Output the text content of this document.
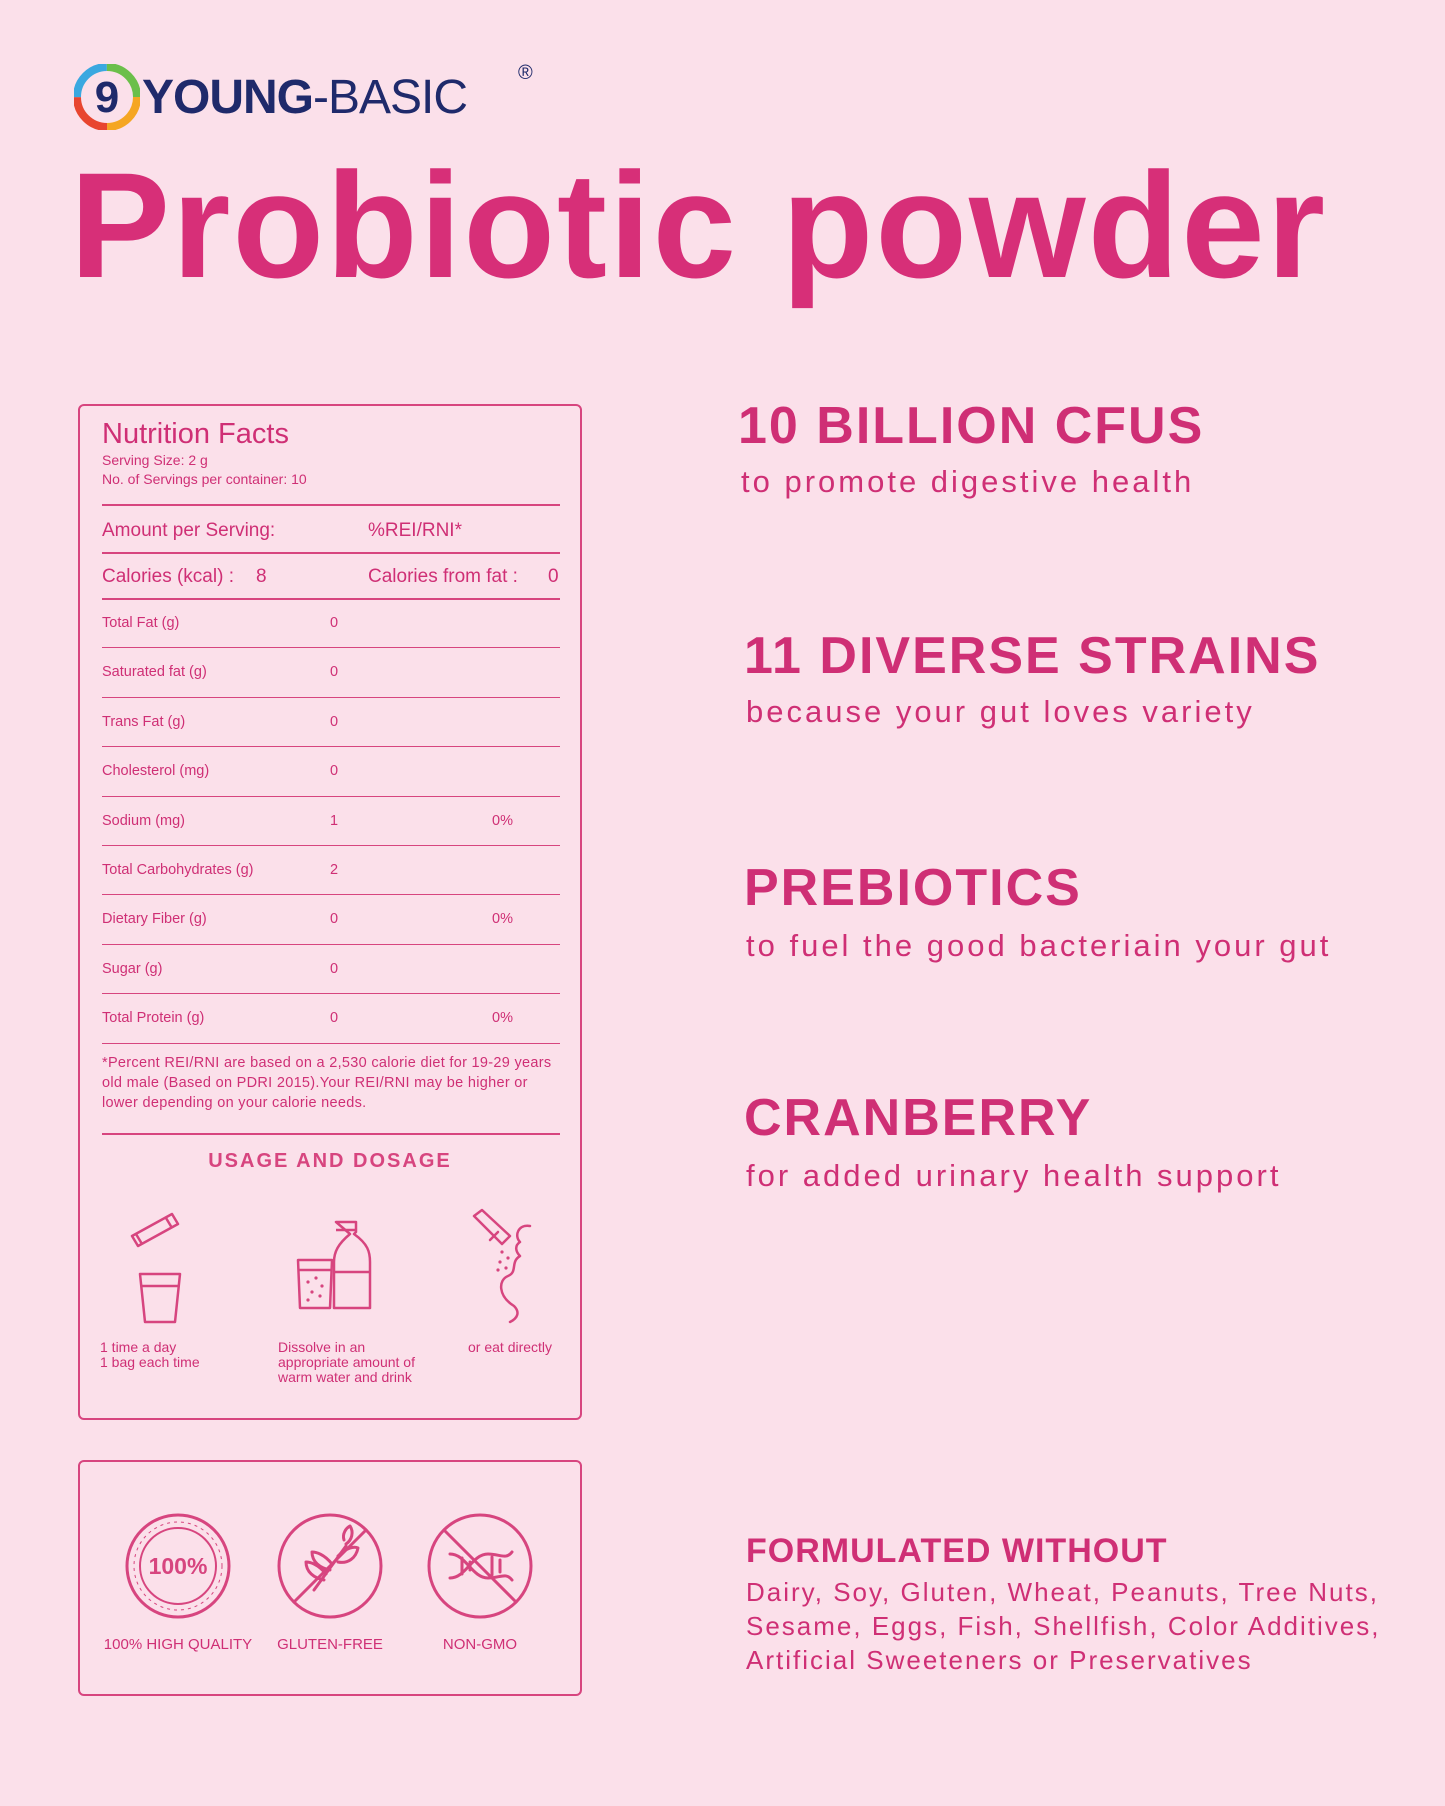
9 YOUNG-BASIC	®
Probiotic powder
Nutrition Facts
Serving Size: 2 g
No. of Servings per container: 10
Amount per Serving:	%REI/RNI*
Calories (kcal) : 8	Calories from fat : 0
Total Fat (g)	0
Saturated fat (g)	0
Trans Fat (g)	0
Cholesterol (mg)	0
Sodium (mg)	1	0%
Total Carbohydrates (g)	2
Dietary Fiber (g)	0	0%
Sugar (g)	0
Total Protein (g)	0	0%
*Percent REI/RNI are based on a 2,530 calorie diet for 19-29 years old male (Based on PDRI 2015).Your REI/RNI may be higher or lower depending on your calorie needs.
USAGE AND DOSAGE
1 time a day
1 bag each time
Dissolve in an
appropriate amount of
warm water and drink
or eat directly
100%
100% HIGH QUALITY	GLUTEN-FREE	NON-GMO
10 BILLION CFUS
to promote digestive health
11 DIVERSE STRAINS
because your gut loves variety
PREBIOTICS
to fuel the good bacteriain your gut
CRANBERRY
for added urinary health support
FORMULATED WITHOUT
Dairy, Soy, Gluten, Wheat, Peanuts, Tree Nuts,
Sesame, Eggs, Fish, Shellfish, Color Additives,
Artificial Sweeteners or Preservatives
